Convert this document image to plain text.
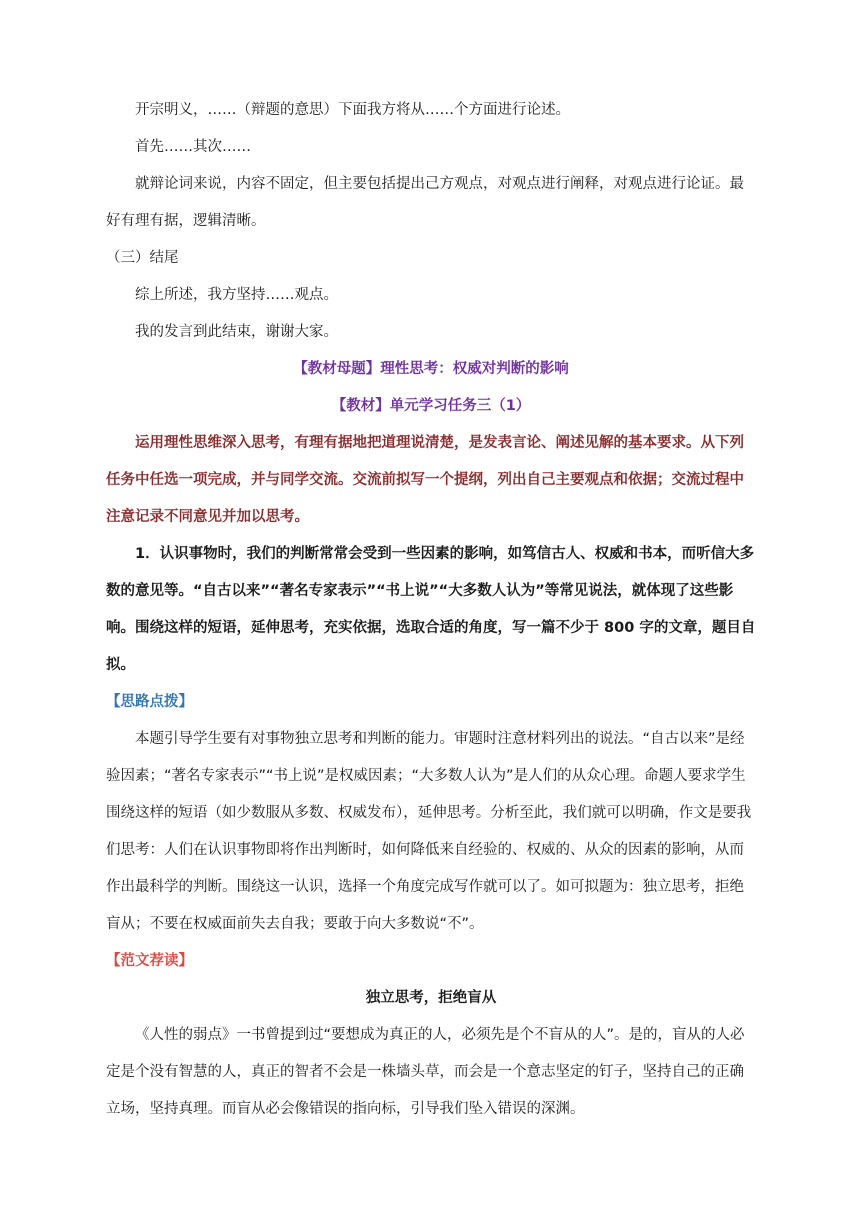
开宗明义，……（辩题的意思）下面我方将从……个方面进行论述。

首先……其次……

就辩论词来说，内容不固定，但主要包括提出己方观点，对观点进行阐释，对观点进行论证。最好有理有据，逻辑清晰。

（三）结尾

综上所述，我方坚持……观点。

我的发言到此结束，谢谢大家。

【教材母题】理性思考：权威对判断的影响

【教材】单元学习任务三（1）

运用理性思维深入思考，有理有据地把道理说清楚，是发表言论、阐述见解的基本要求。从下列任务中任选一项完成，并与同学交流。交流前拟写一个提纲，列出自己主要观点和依据；交流过程中注意记录不同意见并加以思考。

1．认识事物时，我们的判断常常会受到一些因素的影响，如笃信古人、权威和书本，而听信大多数的意见等。“自古以来”“著名专家表示”“书上说”“大多数人认为”等常见说法，就体现了这些影响。围绕这样的短语，延伸思考，充实依据，选取合适的角度，写一篇不少于 800 字的文章，题目自拟。

【思路点拨】

本题引导学生要有对事物独立思考和判断的能力。审题时注意材料列出的说法。“自古以来”是经验因素；“著名专家表示”“书上说”是权威因素；“大多数人认为”是人们的从众心理。命题人要求学生围绕这样的短语（如少数服从多数、权威发布），延伸思考。分析至此，我们就可以明确，作文是要我们思考：人们在认识事物即将作出判断时，如何降低来自经验的、权威的、从众的因素的影响，从而作出最科学的判断。围绕这一认识，选择一个角度完成写作就可以了。如可拟题为：独立思考，拒绝盲从；不要在权威面前失去自我；要敢于向大多数说“不”。

【范文荐读】

独立思考，拒绝盲从

《人性的弱点》一书曾提到过“要想成为真正的人，必须先是个不盲从的人”。是的，盲从的人必定是个没有智慧的人，真正的智者不会是一株墙头草，而会是一个意志坚定的钉子，坚持自己的正确立场，坚持真理。而盲从必会像错误的指向标，引导我们坠入错误的深渊。
